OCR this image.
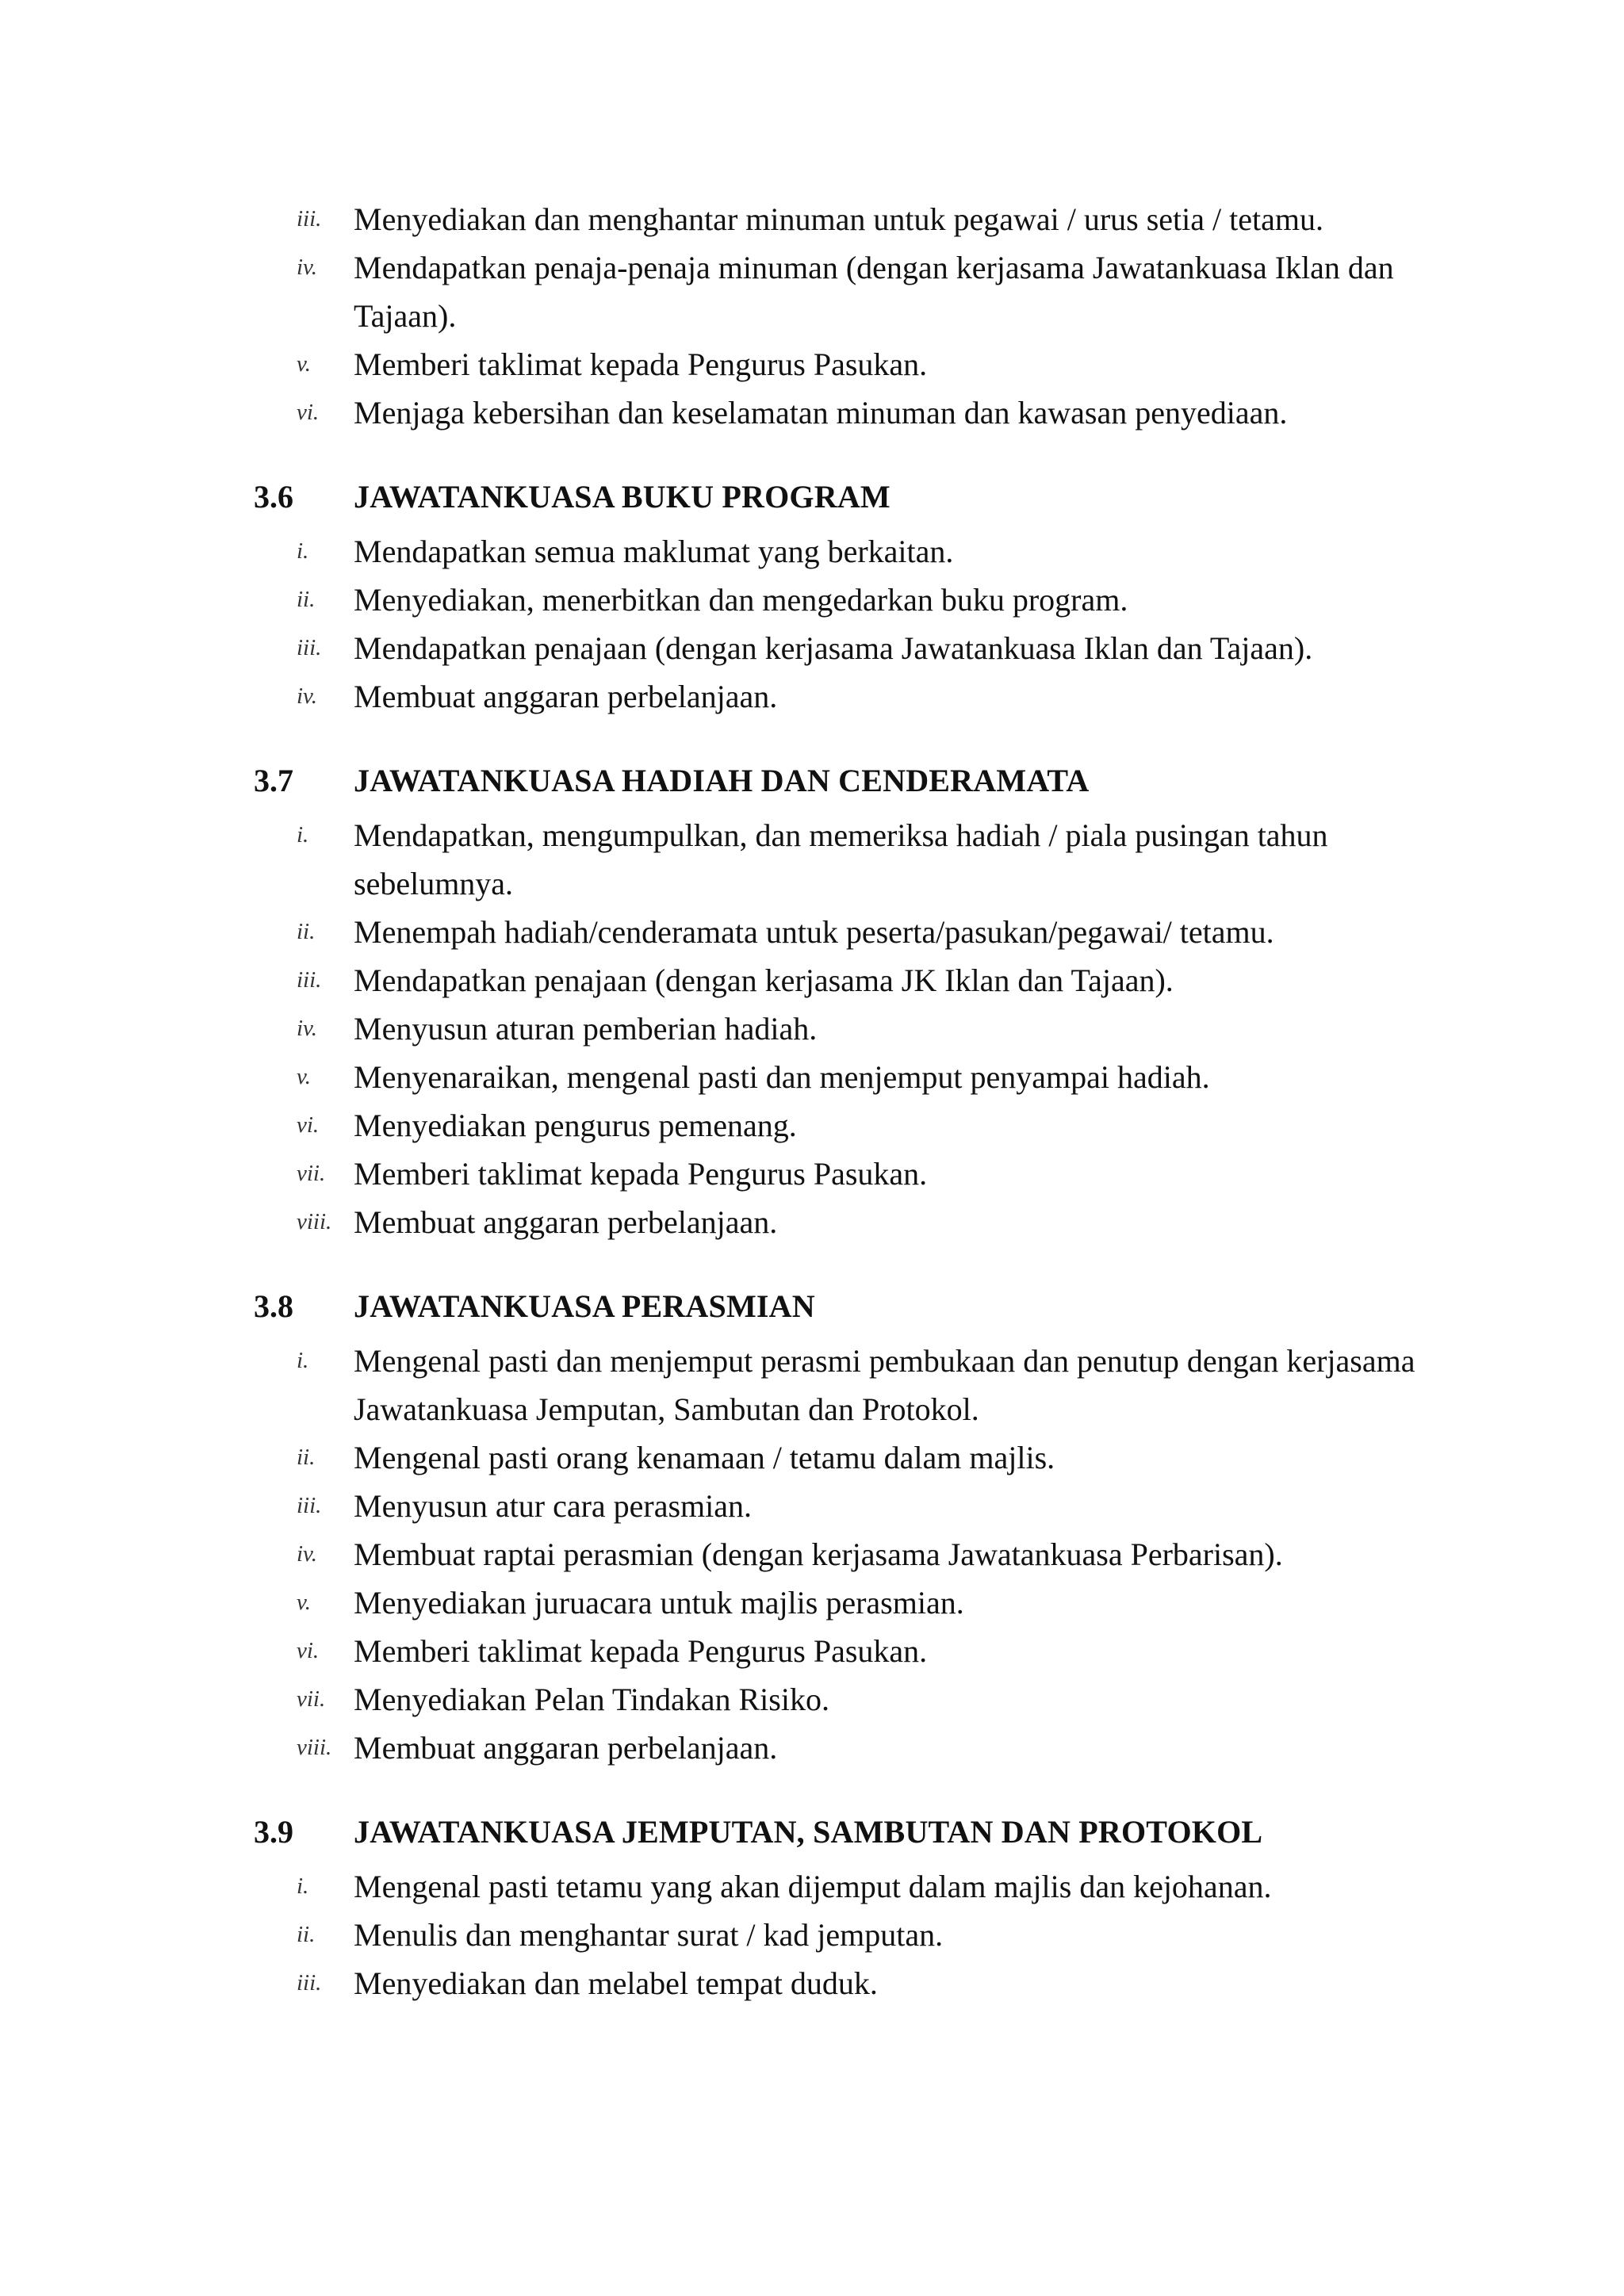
iii.	Menyediakan dan menghantar minuman untuk pegawai / urus setia / tetamu.
iv.	Mendapatkan penaja-penaja minuman (dengan kerjasama Jawatankuasa Iklan dan Tajaan).
v.	Memberi taklimat kepada Pengurus Pasukan.
vi.	Menjaga kebersihan dan keselamatan minuman dan kawasan penyediaan.
3.6	JAWATANKUASA BUKU PROGRAM
i.	Mendapatkan semua maklumat yang berkaitan.
ii.	Menyediakan, menerbitkan dan mengedarkan buku program.
iii.	Mendapatkan penajaan (dengan kerjasama Jawatankuasa Iklan dan Tajaan).
iv.	Membuat anggaran perbelanjaan.
3.7	JAWATANKUASA HADIAH DAN CENDERAMATA
i.	Mendapatkan, mengumpulkan, dan memeriksa hadiah / piala pusingan tahun sebelumnya.
ii.	Menempah hadiah/cenderamata untuk peserta/pasukan/pegawai/ tetamu.
iii.	Mendapatkan penajaan (dengan kerjasama JK Iklan dan Tajaan).
iv.	Menyusun aturan pemberian hadiah.
v.	Menyenaraikan, mengenal pasti dan menjemput penyampai hadiah.
vi.	Menyediakan pengurus pemenang.
vii. Memberi taklimat kepada Pengurus Pasukan.
viii. Membuat anggaran perbelanjaan.
3.8	JAWATANKUASA PERASMIAN
i.	Mengenal pasti dan menjemput perasmi pembukaan dan penutup dengan kerjasama Jawatankuasa Jemputan, Sambutan dan Protokol.
ii.	Mengenal pasti orang kenamaan / tetamu dalam majlis.
iii.	Menyusun atur cara perasmian.
iv.	Membuat raptai perasmian (dengan kerjasama Jawatankuasa Perbarisan).
v.	Menyediakan juruacara untuk majlis perasmian.
vi.	Memberi taklimat kepada Pengurus Pasukan.
vii. Menyediakan Pelan Tindakan Risiko.
viii. Membuat anggaran perbelanjaan.
3.9	JAWATANKUASA JEMPUTAN, SAMBUTAN DAN PROTOKOL
i.	Mengenal pasti tetamu yang akan dijemput dalam majlis dan kejohanan.
ii.	Menulis dan menghantar surat / kad jemputan.
iii.	Menyediakan dan melabel tempat duduk.
